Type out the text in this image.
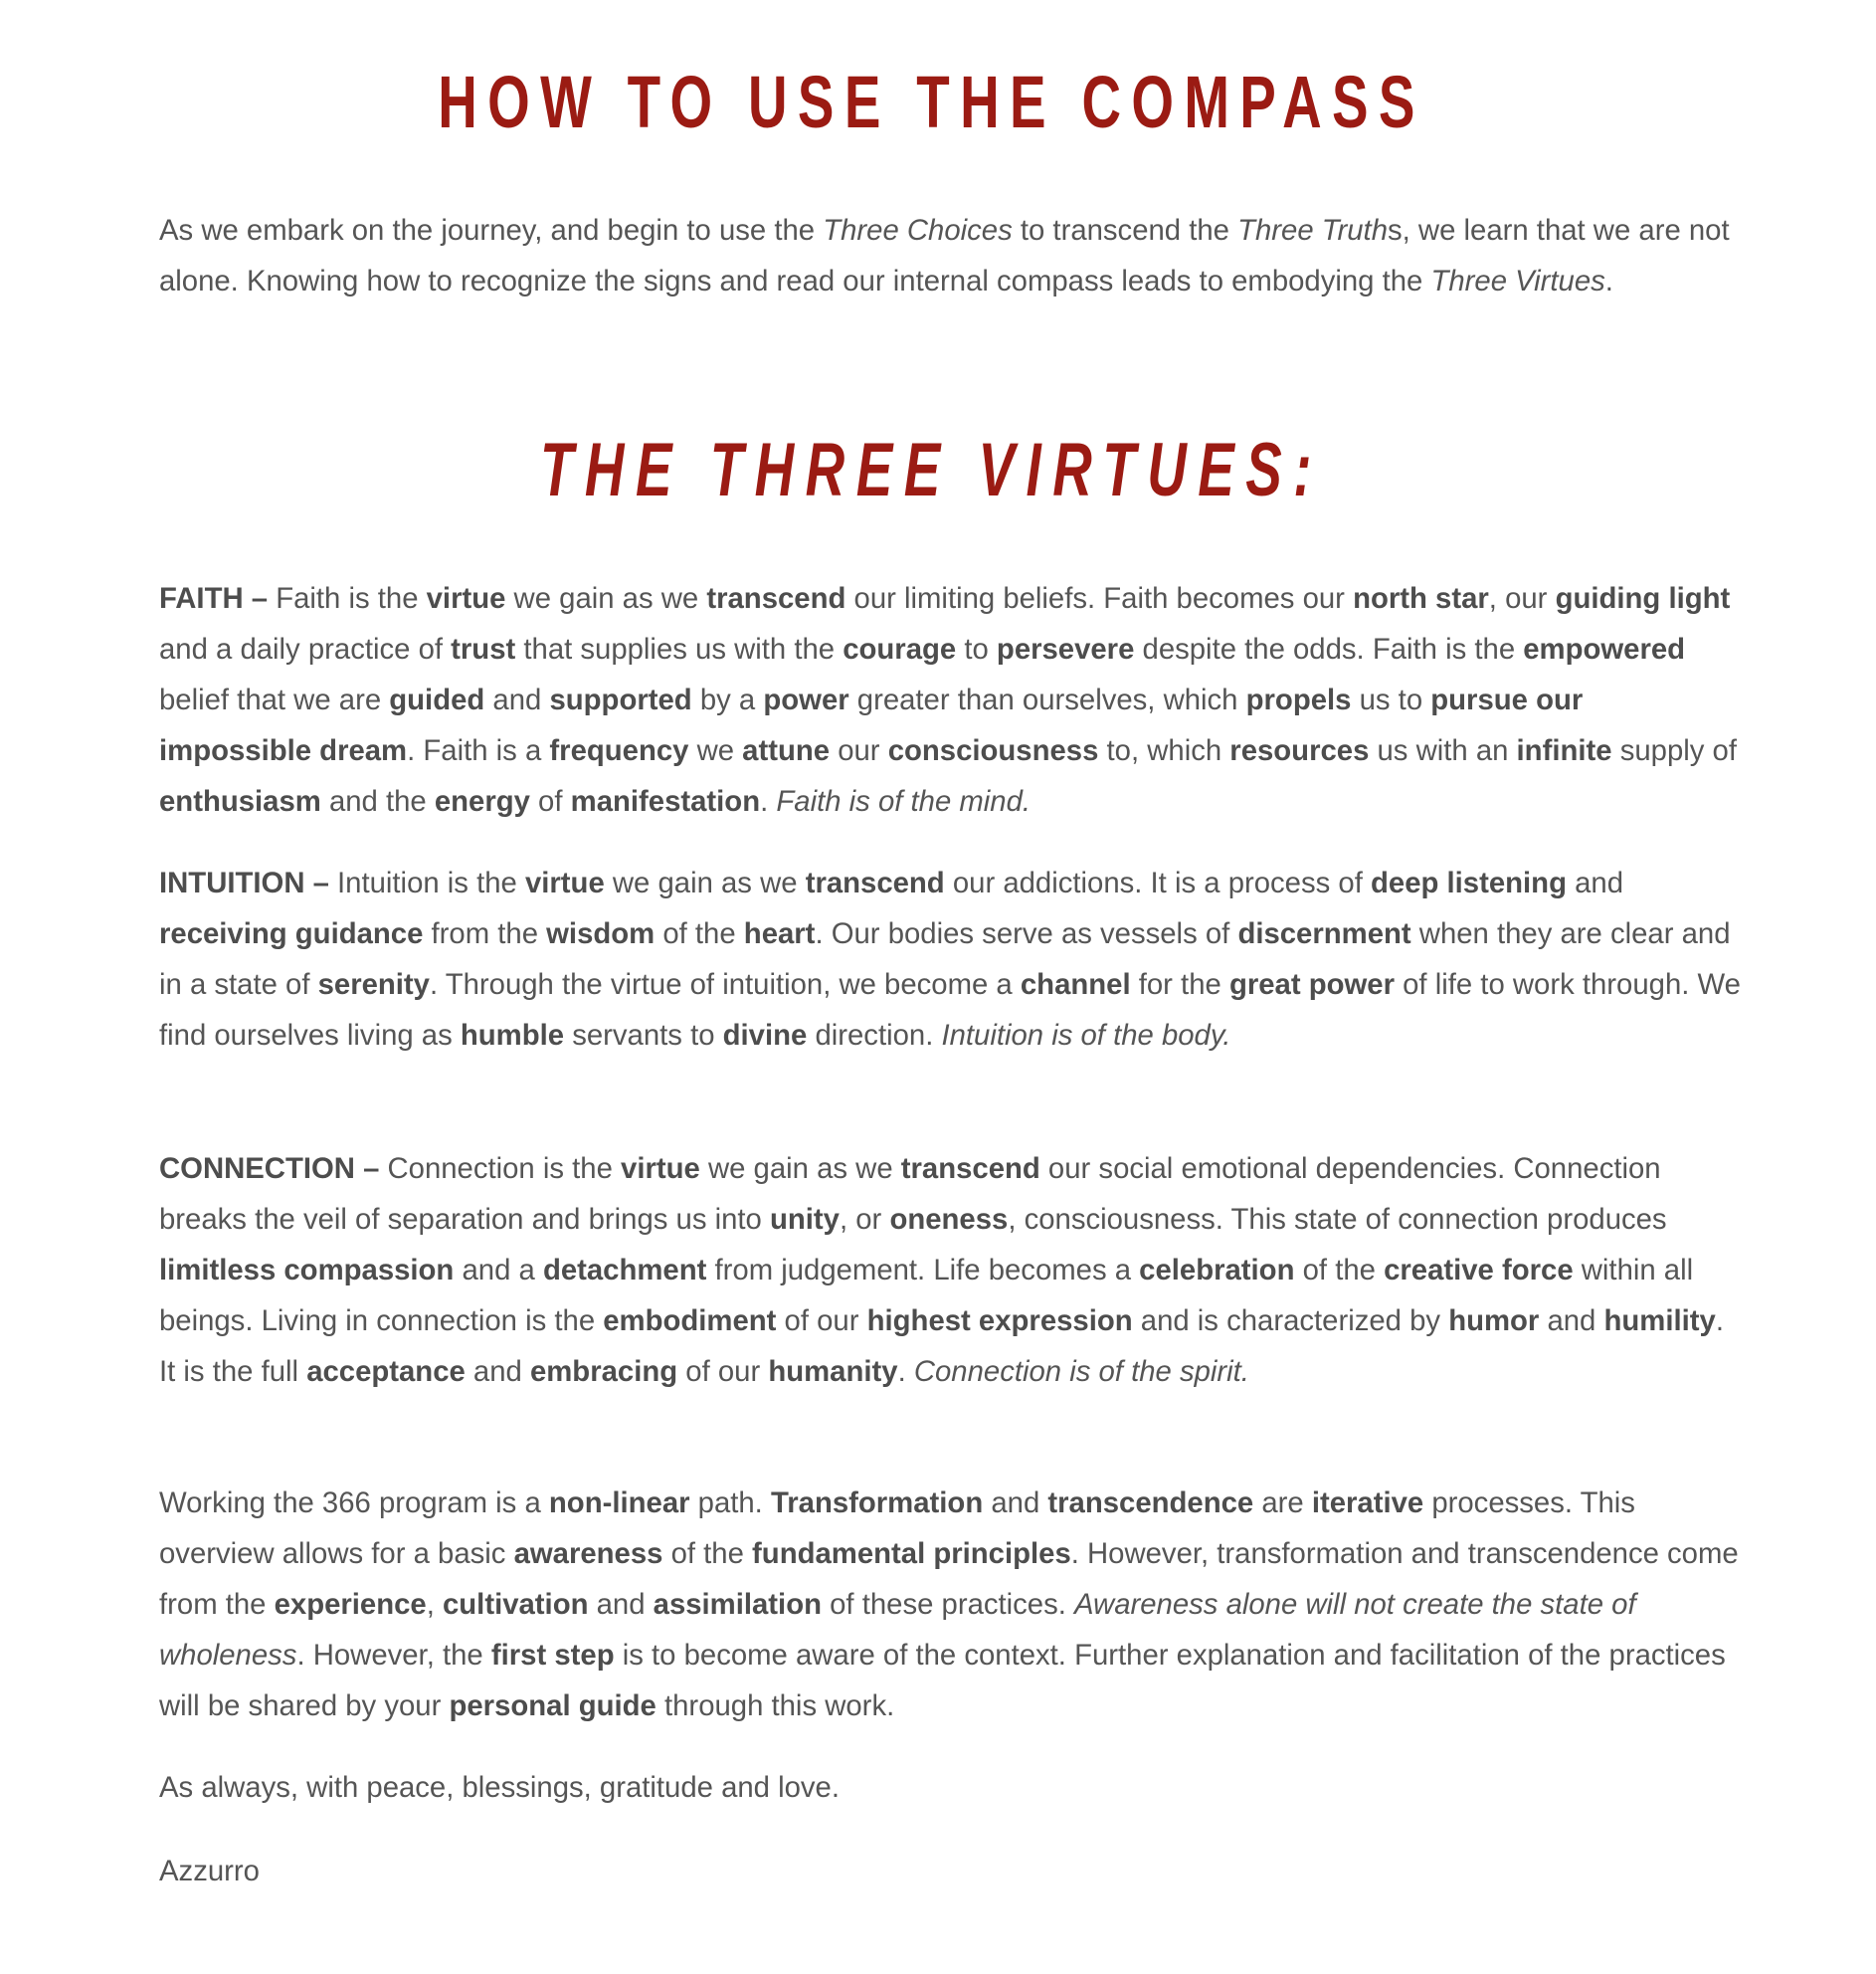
HOW TO USE THE COMPASS

As we embark on the journey, and begin to use the Three Choices to transcend the Three Truths, we learn that we are not alone. Knowing how to recognize the signs and read our internal compass leads to embodying the Three Virtues.

THE THREE VIRTUES:

FAITH – Faith is the virtue we gain as we transcend our limiting beliefs. Faith becomes our north star, our guiding light and a daily practice of trust that supplies us with the courage to persevere despite the odds. Faith is the empowered belief that we are guided and supported by a power greater than ourselves, which propels us to pursue our impossible dream. Faith is a frequency we attune our consciousness to, which resources us with an infinite supply of enthusiasm and the energy of manifestation. Faith is of the mind.

INTUITION – Intuition is the virtue we gain as we transcend our addictions. It is a process of deep listening and receiving guidance from the wisdom of the heart. Our bodies serve as vessels of discernment when they are clear and in a state of serenity. Through the virtue of intuition, we become a channel for the great power of life to work through. We find ourselves living as humble servants to divine direction. Intuition is of the body.

CONNECTION – Connection is the virtue we gain as we transcend our social emotional dependencies. Connection breaks the veil of separation and brings us into unity, or oneness, consciousness. This state of connection produces limitless compassion and a detachment from judgement. Life becomes a celebration of the creative force within all beings. Living in connection is the embodiment of our highest expression and is characterized by humor and humility. It is the full acceptance and embracing of our humanity. Connection is of the spirit.

Working the 366 program is a non-linear path. Transformation and transcendence are iterative processes. This overview allows for a basic awareness of the fundamental principles. However, transformation and transcendence come from the experience, cultivation and assimilation of these practices. Awareness alone will not create the state of wholeness. However, the first step is to become aware of the context. Further explanation and facilitation of the practices will be shared by your personal guide through this work.

As always, with peace, blessings, gratitude and love.

Azzurro
